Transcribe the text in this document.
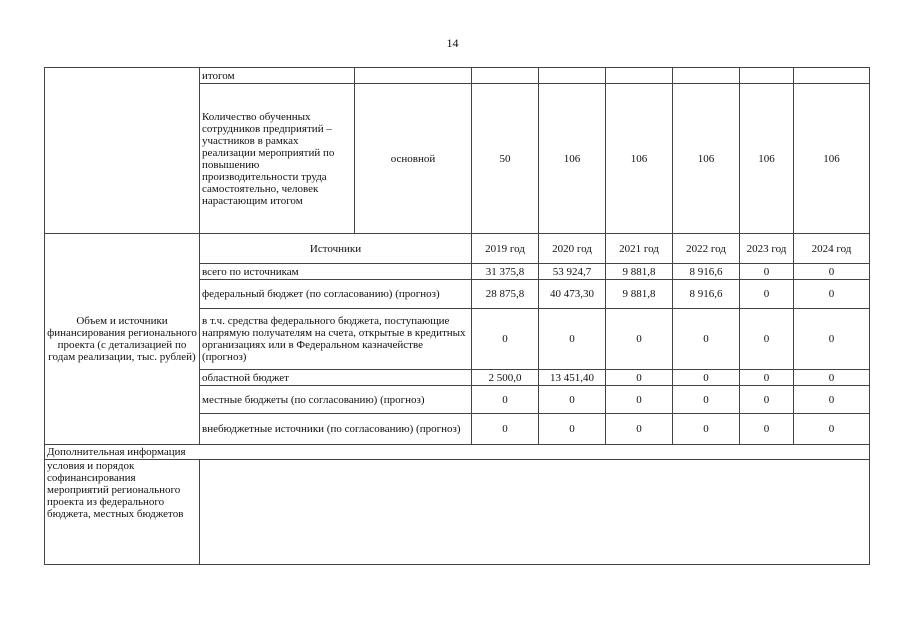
14
	итогом							
	Количество обученных сотрудников предприятий – участников в рамках реализации мероприятий по повышению производительности труда самостоятельно, человек нарастающим итогом	основной	50	106	106	106	106	106
Объем и источники финансирования регионального проекта (с детализацией по годам реализации, тыс. рублей)	Источники		2019 год	2020 год	2021 год	2022 год	2023 год	2024 год
	всего по источникам		31 375,8	53 924,7	9 881,8	8 916,6	0	0
	федеральный бюджет (по согласованию) (прогноз)		28 875,8	40 473,30	9 881,8	8 916,6	0	0
	в т.ч. средства федерального бюджета, поступающие напрямую получателям на счета, открытые в кредитных организациях или в Федеральном казначействе (прогноз)		0	0	0	0	0	0
	областной бюджет		2 500,0	13 451,40	0	0	0	0
	местные бюджеты (по согласованию) (прогноз)		0	0	0	0	0	0
	внебюджетные источники (по согласованию) (прогноз)		0	0	0	0	0	0
Дополнительная информация								
условия и порядок софинансирования мероприятий регионального проекта из федерального бюджета, местных бюджетов								
